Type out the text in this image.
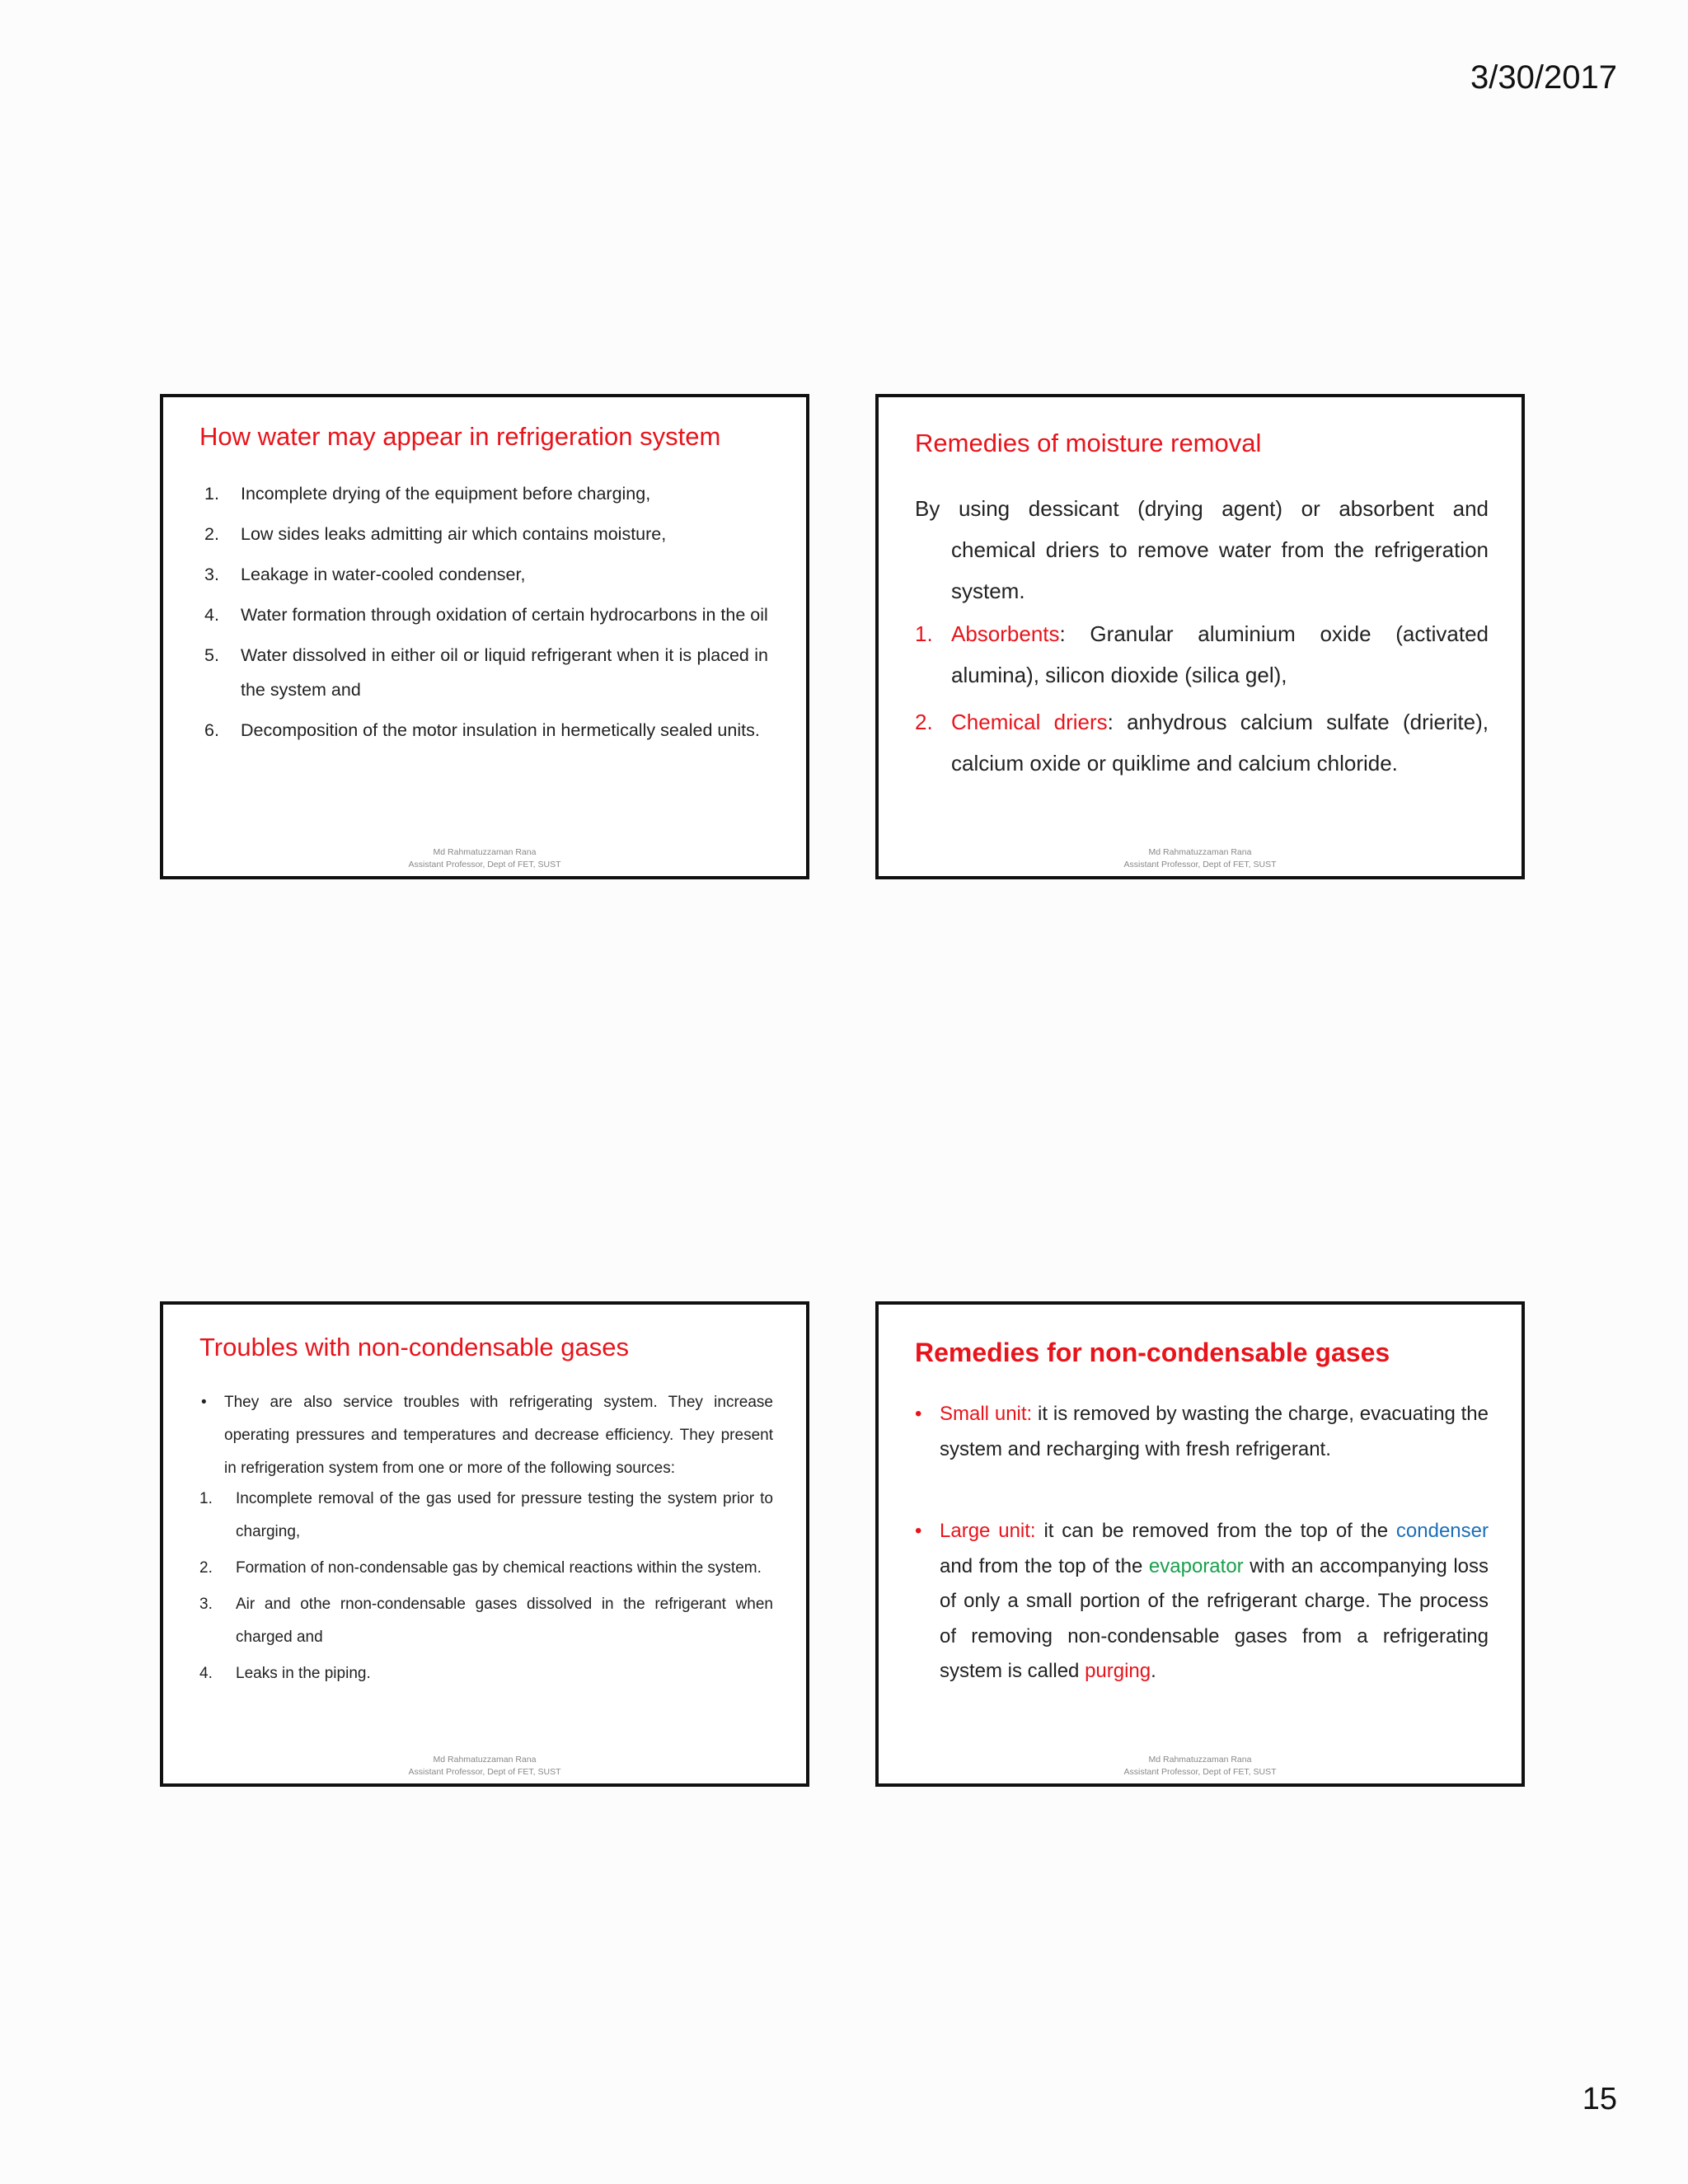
3/30/2017
How water may appear in refrigeration system
1. Incomplete drying of the equipment before charging,
2. Low sides leaks admitting air which contains moisture,
3. Leakage in water-cooled condenser,
4. Water formation through oxidation of certain hydrocarbons in the oil
5. Water dissolved in either oil or liquid refrigerant when it is placed in the system and
6. Decomposition of the motor insulation in hermetically sealed units.
Md Rahmatuzzaman Rana
Assistant Professor, Dept of FET, SUST
Remedies of moisture removal
By using dessicant (drying agent) or absorbent and chemical driers to remove water from the refrigeration system.
1. Absorbents: Granular aluminium oxide (activated alumina), silicon dioxide (silica gel),
2. Chemical driers: anhydrous calcium sulfate (drierite), calcium oxide or quiklime and calcium chloride.
Md Rahmatuzzaman Rana
Assistant Professor, Dept of FET, SUST
Troubles with non-condensable gases
• They are also service troubles with refrigerating system. They increase operating pressures and temperatures and decrease efficiency. They present in refrigeration system from one or more of the following sources:
1. Incomplete removal of the gas used for pressure testing the system prior to charging,
2. Formation of non-condensable gas by chemical reactions within the system.
3. Air and othe rnon-condensable gases dissolved in the refrigerant when charged and
4. Leaks in the piping.
Md Rahmatuzzaman Rana
Assistant Professor, Dept of FET, SUST
Remedies for non-condensable gases
• Small unit: it is removed by wasting the charge, evacuating the system and recharging with fresh refrigerant.
• Large unit: it can be removed from the top of the condenser and from the top of the evaporator with an accompanying loss of only a small portion of the refrigerant charge. The process of removing non-condensable gases from a refrigerating system is called purging.
Md Rahmatuzzaman Rana
Assistant Professor, Dept of FET, SUST
15
